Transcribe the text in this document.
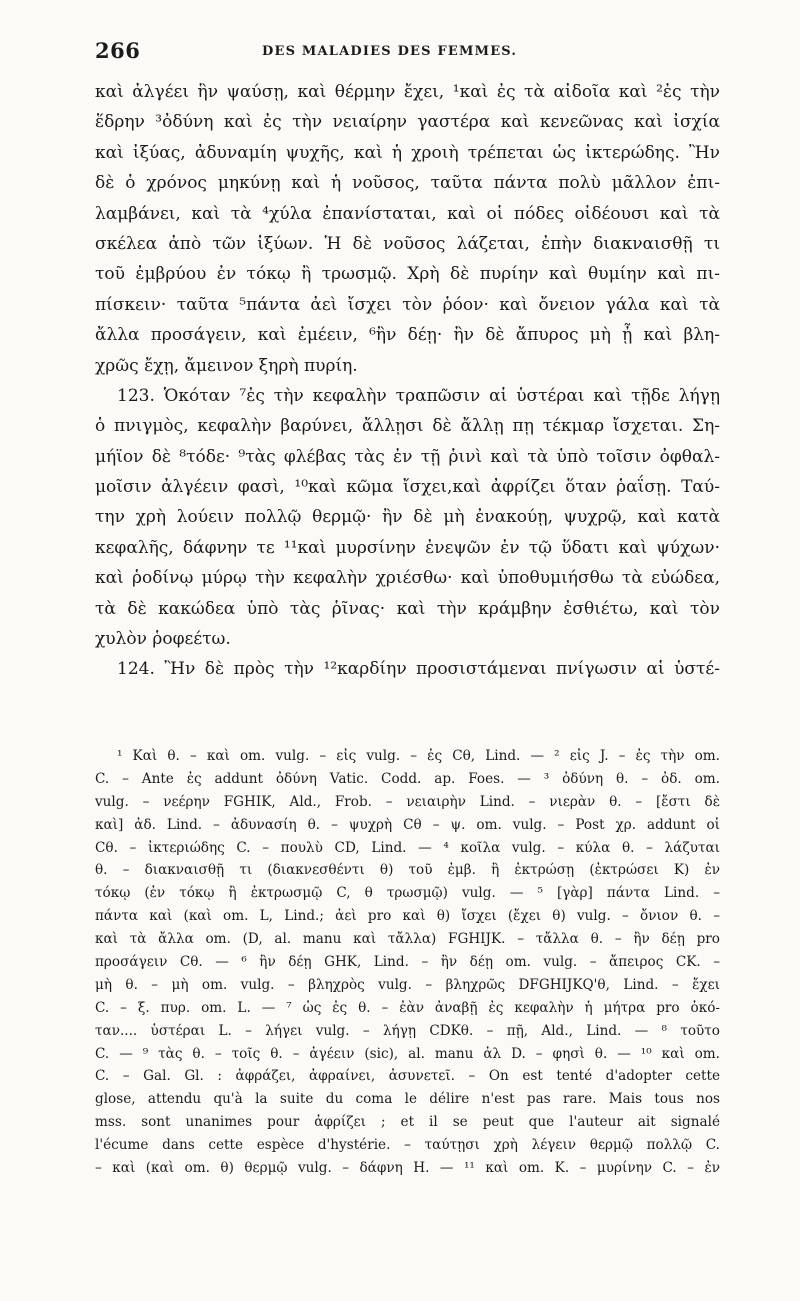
266	DES MALADIES DES FEMMES.
καὶ ἀλγέει ἣν ψαύσῃ, καὶ θέρμην ἔχει, ¹καὶ ἐς τὰ αἰδοῖα καὶ ²ἐς τὴν
ἕδρην ³ὀδύνη καὶ ἐς τὴν νειαίρην γαστέρα καὶ κενεῶνας καὶ ἰσχία
καὶ ἰξύας, ἀδυναμίη ψυχῆς, καὶ ἡ χροιὴ τρέπεται ὡς ἰκτερώδης. Ἢν
δὲ ὁ χρόνος μηκύνῃ καὶ ἡ νοῦσος, ταῦτα πάντα πολὺ μᾶλλον ἐπι-
λαμβάνει, καὶ τὰ ⁴χύλα ἐπανίσταται, καὶ οἱ πόδες οἰδέουσι καὶ τὰ
σκέλεα ἀπὸ τῶν ἰξύων. Ἡ δὲ νοῦσος λάζεται, ἐπὴν διακναισθῇ τι
τοῦ ἐμβρύου ἐν τόκῳ ἢ τρωσμῷ. Χρὴ δὲ πυρίην καὶ θυμίην καὶ πι-
πίσκειν· ταῦτα ⁵πάντα ἀεὶ ἴσχει τὸν ῥόον· καὶ ὄνειον γάλα καὶ τὰ
ἄλλα προσάγειν, καὶ ἐμέειν, ⁶ἢν δέῃ· ἢν δὲ ἄπυρος μὴ ᾖ καὶ βλη-
χρῶς ἔχῃ, ἄμεινον ξηρὴ πυρίη.
123. Ὁκόταν ⁷ἐς τὴν κεφαλὴν τραπῶσιν αἱ ὑστέραι καὶ τῇδε λήγῃ
ὁ πνιγμὸς, κεφαλὴν βαρύνει, ἄλλῃσι δὲ ἄλλῃ πῃ τέκμαρ ἴσχεται. Ση-
μήϊον δὲ ⁸τόδε· ⁹τὰς φλέβας τὰς ἐν τῇ ῥινὶ καὶ τὰ ὑπὸ τοῖσιν ὀφθαλ-
μοῖσιν ἀλγέειν φασὶ, ¹⁰καὶ κῶμα ἴσχει,καὶ ἀφρίζει ὅταν ῥαΐσῃ. Ταύ-
την χρὴ λούειν πολλῷ θερμῷ· ἢν δὲ μὴ ἐνακούῃ, ψυχρῷ, καὶ κατὰ
κεφαλῆς, δάφνην τε ¹¹καὶ μυρσίνην ἐνεψῶν ἐν τῷ ὕδατι καὶ ψύχων·
καὶ ῥοδίνῳ μύρῳ τὴν κεφαλὴν χριέσθω· καὶ ὑποθυμιήσθω τὰ εὐώδεα,
τὰ δὲ κακώδεα ὑπὸ τὰς ῥῖνας· καὶ τὴν κράμβην ἐσθιέτω, καὶ τὸν
χυλὸν ῥοφεέτω.
124. Ἢν δὲ πρὸς τὴν ¹²καρδίην προσιστάμεναι πνίγωσιν αἱ ὑστέ-
¹ Καὶ θ. – καὶ om. vulg. – εἰς vulg. – ἐς Cθ, Lind. — ² εἰς J. – ἐς τὴν om.
C. – Ante ἐς addunt ὀδύνη Vatic. Codd. ap. Foes. — ³ ὀδύνη θ. – ὀδ. om.
vulg. – νεέρην FGHIK, Ald., Frob. – νειαιρὴν Lind. – νιερὰν θ. – [ἔστι δὲ
καὶ] ἀδ. Lind. – ἀδυνασίη θ. – ψυχρὴ Cθ – ψ. om. vulg. – Post χρ. addunt οἱ
Cθ. – ἰκτεριώδης C. – πουλὺ CD, Lind. — ⁴ κοῖλα vulg. – κύλα θ. – λάζυται
θ. – διακναισθῇ τι (διακνεσθέντι θ) τοῦ ἐμβ. ἢ ἐκτρώσῃ (ἐκτρώσει K) ἐν
τόκῳ (ἐν τόκῳ ἢ ἐκτρωσμῷ C, θ τρωσμῷ) vulg. — ⁵ [γὰρ] πάντα Lind. –
πάντα καὶ (καὶ om. L, Lind.; ἀεὶ pro καὶ θ) ἴσχει (ἔχει θ) vulg. – ὄνιον θ. –
καὶ τὰ ἄλλα om. (D, al. manu καὶ τἄλλα) FGHIJK. – τἄλλα θ. – ἢν δέῃ pro
προσάγειν Cθ. — ⁶ ἢν δέῃ GHK, Lind. – ἢν δέῃ om. vulg. – ἄπειρος CK. –
μὴ θ. – μὴ om. vulg. – βληχρὸς vulg. – βληχρῶς DFGHIJKQ'θ, Lind. – ἔχει
C. – ξ. πυρ. om. L. — ⁷ ὡς ἐς θ. – ἐὰν ἀναβῇ ἐς κεφαλὴν ἡ μήτρα pro ὁκό-
ταν.... ὑστέραι L. – λήγει vulg. – λήγῃ CDKθ. – πῇ, Ald., Lind. — ⁸ τοῦτο
C. — ⁹ τὰς θ. – τοῖς θ. – ἀγέειν (sic), al. manu ἀλ D. – φησὶ θ. — ¹⁰ καὶ om.
C. – Gal. Gl. : ἀφράζει, ἀφραίνει, ἀσυνετεῖ. – On est tenté d'adopter cette
glose, attendu qu'à la suite du coma le délire n'est pas rare. Mais tous nos
mss. sont unanimes pour ἀφρίζει ; et il se peut que l'auteur ait signalé
l'écume dans cette espèce d'hystérie. – ταύτῃσι χρὴ λέγειν θερμῷ πολλῷ C.
– καὶ (καὶ om. θ) θερμῷ vulg. – δάφνη H. — ¹¹ καὶ om. K. – μυρίνην C. – ἐν
